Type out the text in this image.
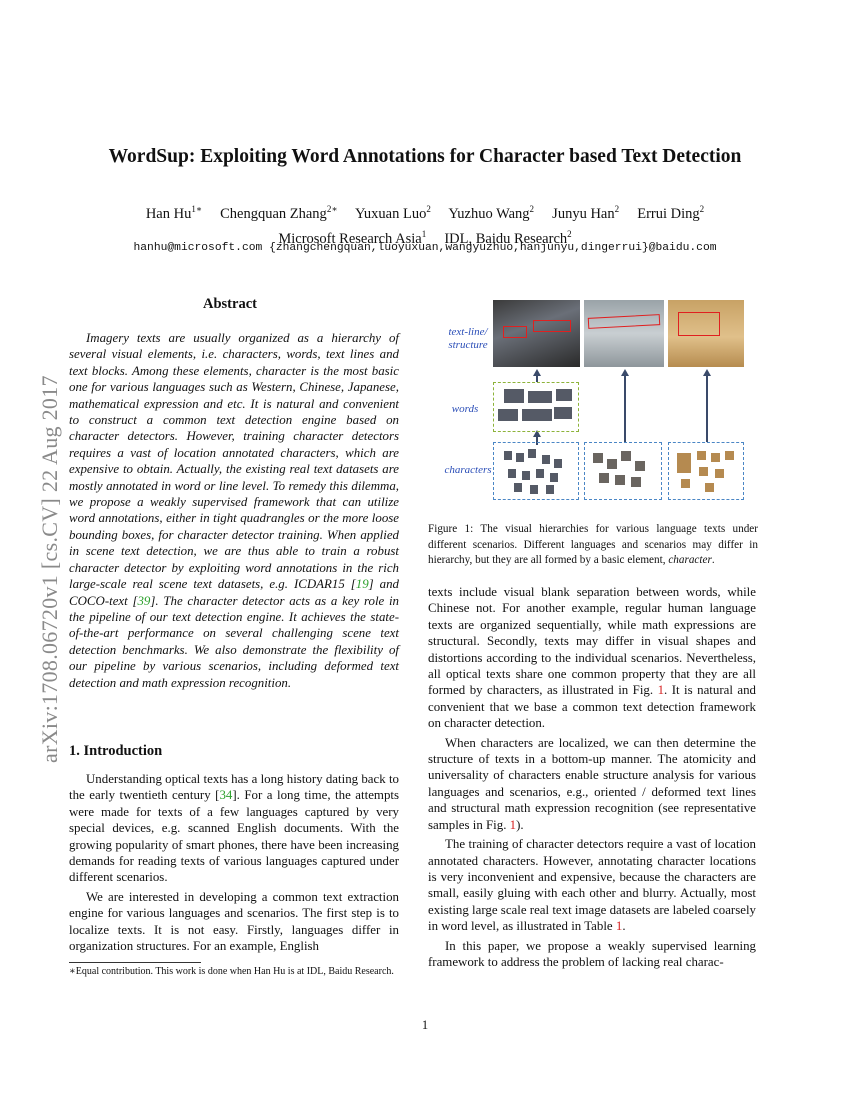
arXiv:1708.06720v1 [cs.CV] 22 Aug 2017
WordSup: Exploiting Word Annotations for Character based Text Detection
Han $Hu^{1∗}$ Chengquan Zhang$^{2∗}$ Yuxuan Luo$^2$ Yuzhuo Wang$^2$ Junyu Han$^2$ Errui Ding$^2$
Microsoft Research Asia$^1$ IDL, Baidu Research$^2$
hanhu@microsoft.com {zhangchengquan,luoyuxuan,wangyuzhuo,hanjunyu,dingerrui}@baidu.com
Abstract

Imagery texts are usually organized as a hierarchy of several visual elements, i.e. characters, words, text lines and text blocks. Among these elements, character is the most basic one for various languages such as Western, Chinese, Japanese, mathematical expression and etc. It is natural and convenient to construct a common text detection engine based on character detectors. However, training character detectors requires a vast of location annotated characters, which are expensive to obtain. Actually, the existing real text datasets are mostly annotated in word or line level. To remedy this dilemma, we propose a weakly supervised framework that can utilize word annotations, either in tight quadrangles or the more loose bounding boxes, for character detector training. When applied in scene text detection, we are thus able to train a robust character detector by exploiting word annotations in the rich large-scale real scene text datasets, e.g. ICDAR15 [19] and COCO-text [39]. The character detector acts as a key role in the pipeline of our text detection engine. It achieves the state-of-the-art performance on several challenging scene text detection benchmarks. We also demonstrate the flexibility of our pipeline by various scenarios, including deformed text detection and math expression recognition.

1. Introduction

Understanding optical texts has a long history dating back to the early twentieth century [34]. For a long time, the attempts were made for texts of a few languages captured by very special devices, e.g. scanned English documents. With the growing popularity of smart phones, there have been increasing demands for reading texts of various languages captured under different scenarios.

We are interested in developing a common text extraction engine for various languages and scenarios. The first step is to localize texts. It is not easy. Firstly, languages differ in organization structures. For an example, English

∗Equal contribution. This work is done when Han Hu is at IDL, Baidu Research.
text-line/
structure
words
characters
Figure 1: The visual hierarchies for various language texts under different scenarios. Different languages and scenarios may differ in hierarchy, but they are all formed by a basic element, character.

texts include visual blank separation between words, while Chinese not. For another example, regular human language texts are organized sequentially, while math expressions are structural. Secondly, texts may differ in visual shapes and distortions according to the individual scenarios. Nevertheless, all optical texts share one common property that they are all formed by characters, as illustrated in Fig. 1. It is natural and convenient that we base a common text detection framework on character detection.

When characters are localized, we can then determine the structure of texts in a bottom-up manner. The atomicity and universality of characters enable structure analysis for various languages and scenarios, e.g., oriented / deformed text lines and structural math expression recognition (see representative samples in Fig. 1).

The training of character detectors require a vast of location annotated characters. However, annotating character locations is very inconvenient and expensive, because the characters are small, easily gluing with each other and blurry. Actually, most existing large scale real text image datasets are labeled coarsely in word level, as illustrated in Table 1.

In this paper, we propose a weakly supervised learning framework to address the problem of lacking real charac-

1
